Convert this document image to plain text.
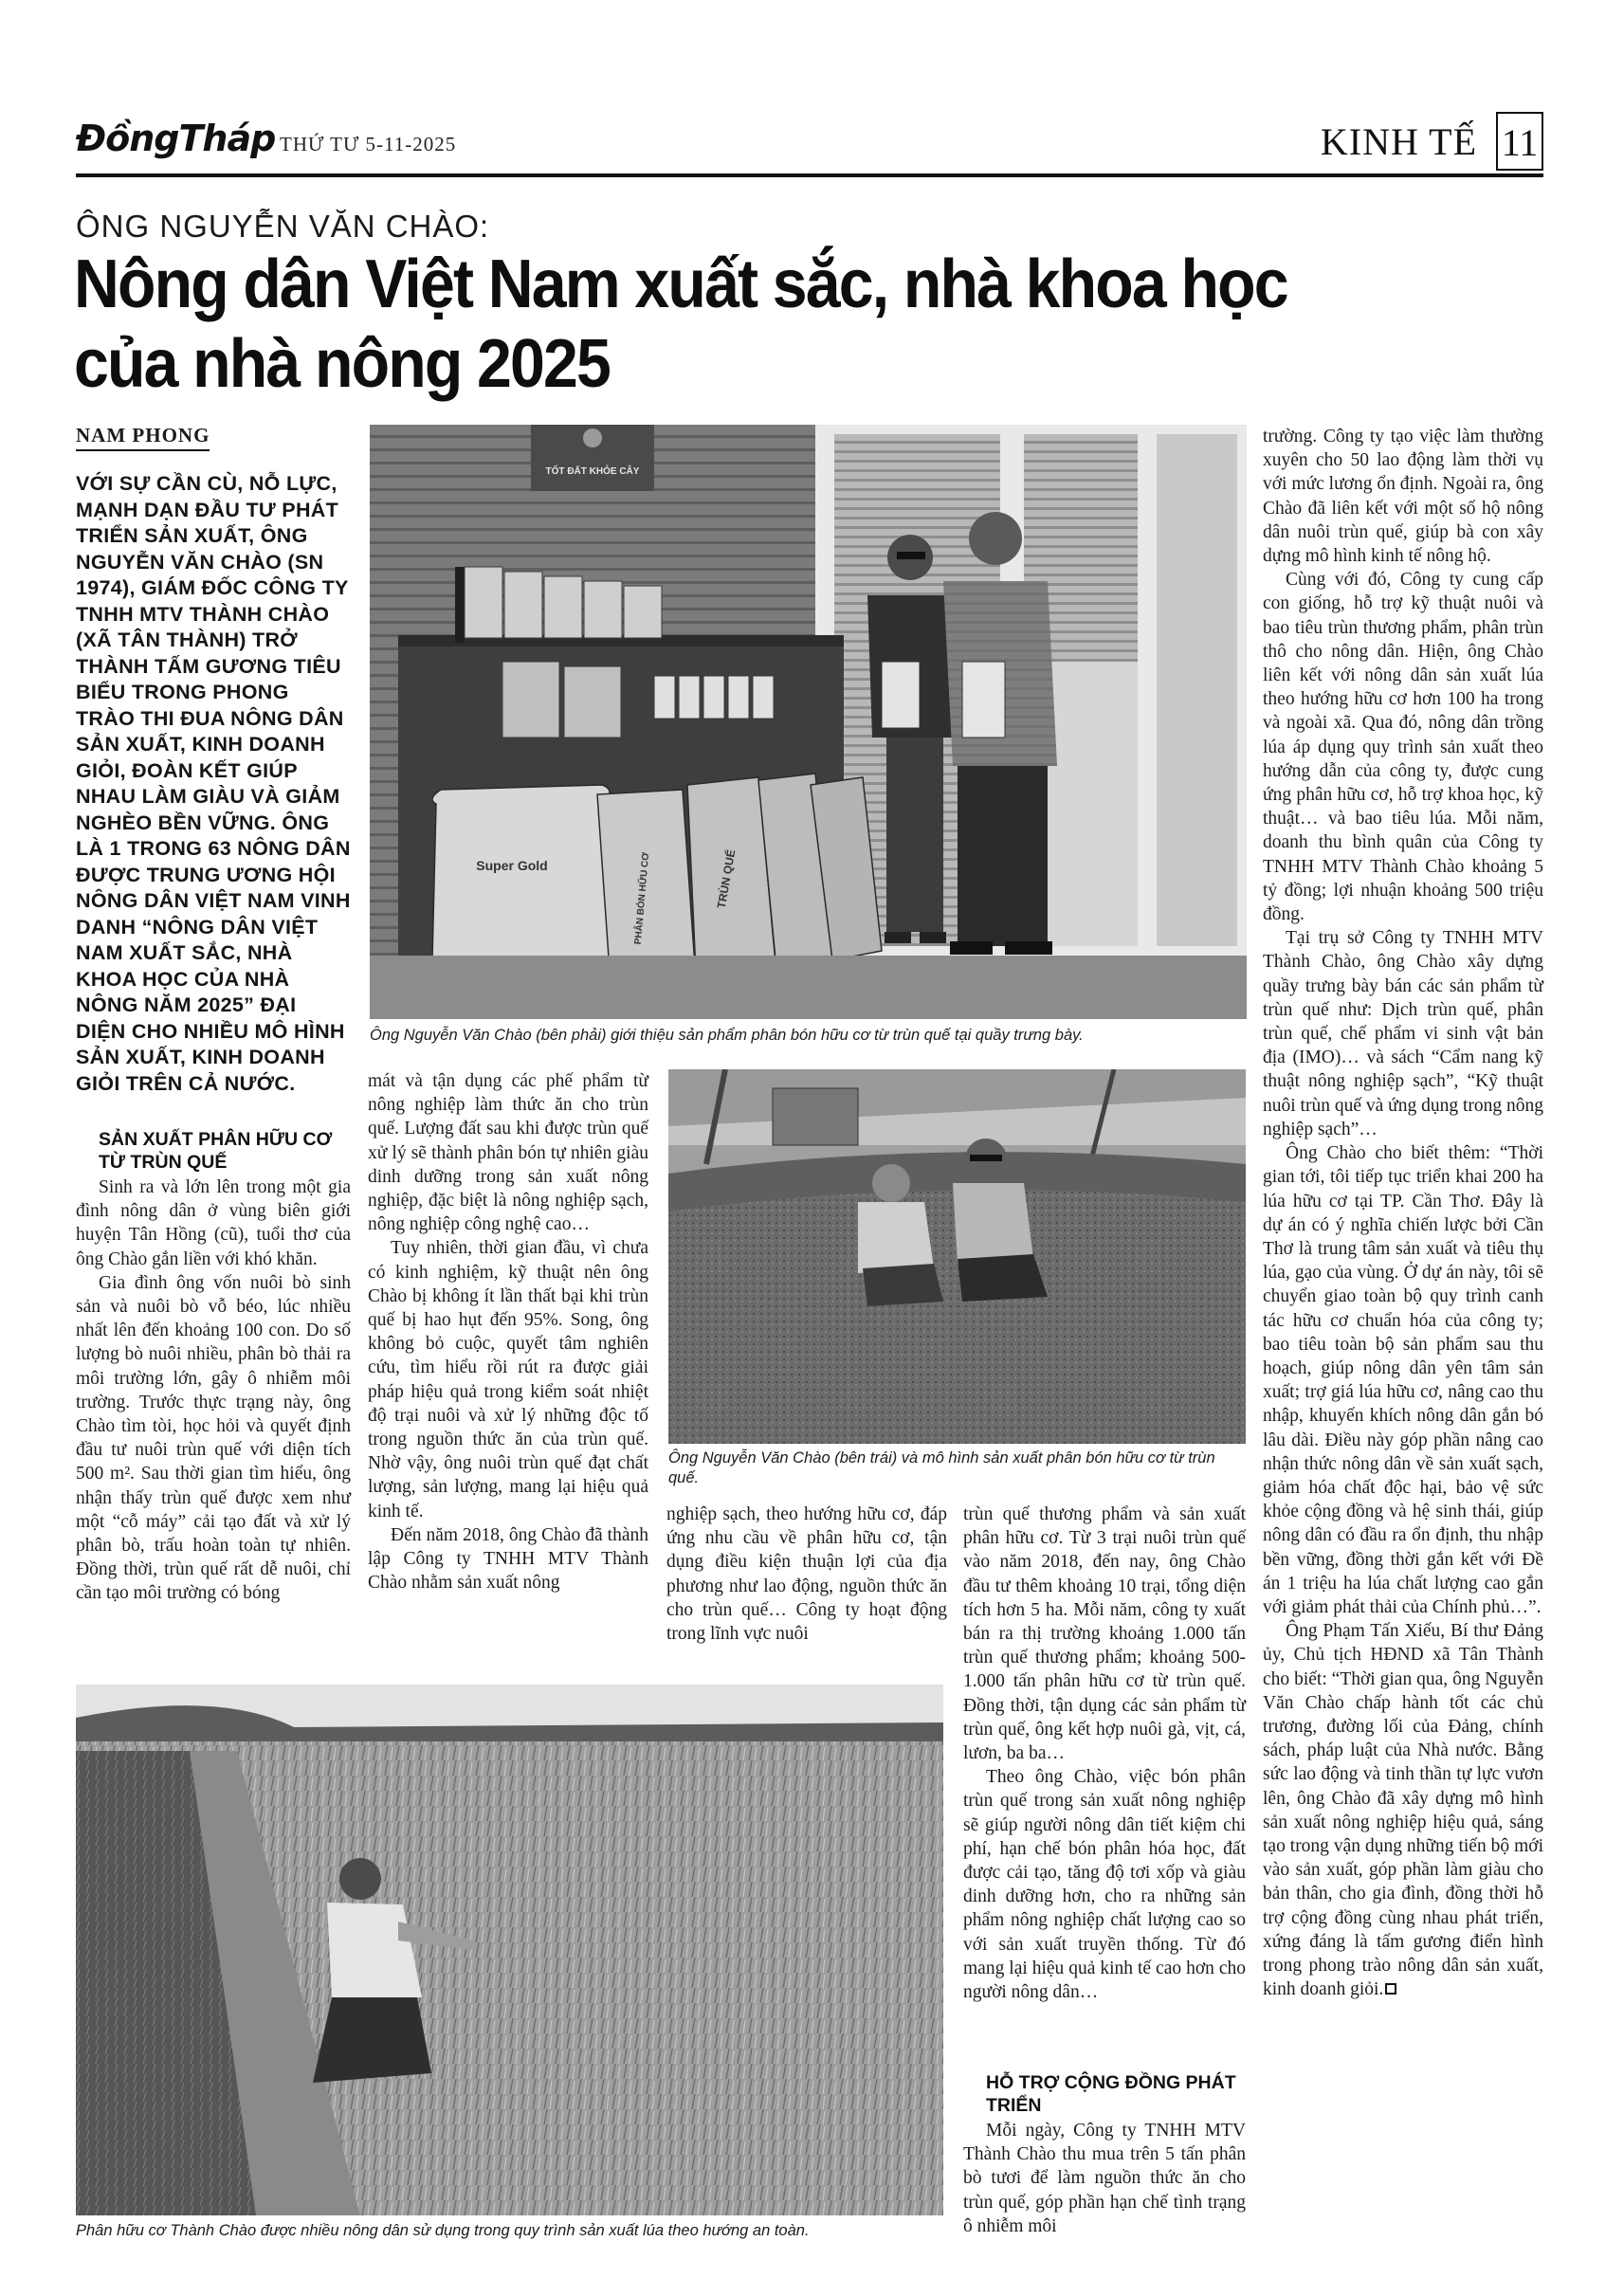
ĐồngTháp THỨ TƯ 5-11-2025	KINH TẾ 11
ÔNG NGUYỄN VĂN CHÀO:
Nông dân Việt Nam xuất sắc, nhà khoa học của nhà nông 2025
NAM PHONG
VỚI SỰ CẦN CÙ, NỖ LỰC, MẠNH DẠN ĐẦU TƯ PHÁT TRIỂN SẢN XUẤT, ÔNG NGUYỄN VĂN CHÀO (SN 1974), GIÁM ĐỐC CÔNG TY TNHH MTV THÀNH CHÀO (XÃ TÂN THÀNH) TRỞ THÀNH TẤM GƯƠNG TIÊU BIỂU TRONG PHONG TRÀO THI ĐUA NÔNG DÂN SẢN XUẤT, KINH DOANH GIỎI, ĐOÀN KẾT GIÚP NHAU LÀM GIÀU VÀ GIẢM NGHÈO BỀN VỮNG. ÔNG LÀ 1 TRONG 63 NÔNG DÂN ĐƯỢC TRUNG ƯƠNG HỘI NÔNG DÂN VIỆT NAM VINH DANH “NÔNG DÂN VIỆT NAM XUẤT SẮC, NHÀ KHOA HỌC CỦA NHÀ NÔNG NĂM 2025” ĐẠI DIỆN CHO NHIỀU MÔ HÌNH SẢN XUẤT, KINH DOANH GIỎI TRÊN CẢ NƯỚC.
TỐT ĐẤT KHỎE CÂY
Super Gold	PHÂN BÓN HỮU CƠ	TRÙN QUẾ
Ông Nguyễn Văn Chào (bên phải) giới thiệu sản phẩm phân bón hữu cơ từ trùn quế tại quầy trưng bày.
Ông Nguyễn Văn Chào (bên trái) và mô hình sản xuất phân bón hữu cơ từ trùn quế.
Phân hữu cơ Thành Chào được nhiều nông dân sử dụng trong quy trình sản xuất lúa theo hướng an toàn.
SẢN XUẤT PHÂN HỮU CƠ TỪ TRÙN QUẾ

Sinh ra và lớn lên trong một gia đình nông dân ở vùng biên giới huyện Tân Hồng (cũ), tuổi thơ của ông Chào gắn liền với khó khăn.

Gia đình ông vốn nuôi bò sinh sản và nuôi bò vỗ béo, lúc nhiều nhất lên đến khoảng 100 con. Do số lượng bò nuôi nhiều, phân bò thải ra môi trường lớn, gây ô nhiễm môi trường. Trước thực trạng này, ông Chào tìm tòi, học hỏi và quyết định đầu tư nuôi trùn quế với diện tích 500 m². Sau thời gian tìm hiểu, ông nhận thấy trùn quế được xem như một “cỗ máy” cải tạo đất và xử lý phân bò, trấu hoàn toàn tự nhiên. Đồng thời, trùn quế rất dễ nuôi, chỉ cần tạo môi trường có bóng

mát và tận dụng các phế phẩm từ nông nghiệp làm thức ăn cho trùn quế. Lượng đất sau khi được trùn quế xử lý sẽ thành phân bón tự nhiên giàu dinh dưỡng trong sản xuất nông nghiệp, đặc biệt là nông nghiệp sạch, nông nghiệp công nghệ cao…

Tuy nhiên, thời gian đầu, vì chưa có kinh nghiệm, kỹ thuật nên ông Chào bị không ít lần thất bại khi trùn quế bị hao hụt đến 95%. Song, ông không bỏ cuộc, quyết tâm nghiên cứu, tìm hiểu rồi rút ra được giải pháp hiệu quả trong kiểm soát nhiệt độ trại nuôi và xử lý những độc tố trong nguồn thức ăn của trùn quế. Nhờ vậy, ông nuôi trùn quế đạt chất lượng, sản lượng, mang lại hiệu quả kinh tế.

Đến năm 2018, ông Chào đã thành lập Công ty TNHH MTV Thành Chào nhằm sản xuất nông

nghiệp sạch, theo hướng hữu cơ, đáp ứng nhu cầu về phân hữu cơ, tận dụng điều kiện thuận lợi của địa phương như lao động, nguồn thức ăn cho trùn quế… Công ty hoạt động trong lĩnh vực nuôi

trùn quế thương phẩm và sản xuất phân hữu cơ. Từ 3 trại nuôi trùn quế vào năm 2018, đến nay, ông Chào đầu tư thêm khoảng 10 trại, tổng diện tích hơn 5 ha. Mỗi năm, công ty xuất bán ra thị trường khoảng 1.000 tấn trùn quế thương phẩm; khoảng 500-1.000 tấn phân hữu cơ từ trùn quế. Đồng thời, tận dụng các sản phẩm từ trùn quế, ông kết hợp nuôi gà, vịt, cá, lươn, ba ba…

Theo ông Chào, việc bón phân trùn quế trong sản xuất nông nghiệp sẽ giúp người nông dân tiết kiệm chi phí, hạn chế bón phân hóa học, đất được cải tạo, tăng độ tơi xốp và giàu dinh dưỡng hơn, cho ra những sản phẩm nông nghiệp chất lượng cao so với sản xuất truyền thống. Từ đó mang lại hiệu quả kinh tế cao hơn cho người nông dân…

HỖ TRỢ CỘNG ĐỒNG PHÁT TRIỂN

Mỗi ngày, Công ty TNHH MTV Thành Chào thu mua trên 5 tấn phân bò tươi để làm nguồn thức ăn cho trùn quế, góp phần hạn chế tình trạng ô nhiễm môi

trường. Công ty tạo việc làm thường xuyên cho 50 lao động làm thời vụ với mức lương ổn định. Ngoài ra, ông Chào đã liên kết với một số hộ nông dân nuôi trùn quế, giúp bà con xây dựng mô hình kinh tế nông hộ.

Cùng với đó, Công ty cung cấp con giống, hỗ trợ kỹ thuật nuôi và bao tiêu trùn thương phẩm, phân trùn thô cho nông dân. Hiện, ông Chào liên kết với nông dân sản xuất lúa theo hướng hữu cơ hơn 100 ha trong và ngoài xã. Qua đó, nông dân trồng lúa áp dụng quy trình sản xuất theo hướng dẫn của công ty, được cung ứng phân hữu cơ, hỗ trợ khoa học, kỹ thuật… và bao tiêu lúa. Mỗi năm, doanh thu bình quân của Công ty TNHH MTV Thành Chào khoảng 5 tỷ đồng; lợi nhuận khoảng 500 triệu đồng.

Tại trụ sở Công ty TNHH MTV Thành Chào, ông Chào xây dựng quầy trưng bày bán các sản phẩm từ trùn quế như: Dịch trùn quế, phân trùn quế, chế phẩm vi sinh vật bản địa (IMO)… và sách “Cẩm nang kỹ thuật nông nghiệp sạch”, “Kỹ thuật nuôi trùn quế và ứng dụng trong nông nghiệp sạch”…

Ông Chào cho biết thêm: “Thời gian tới, tôi tiếp tục triển khai 200 ha lúa hữu cơ tại TP. Cần Thơ. Đây là dự án có ý nghĩa chiến lược bởi Cần Thơ là trung tâm sản xuất và tiêu thụ lúa, gạo của vùng. Ở dự án này, tôi sẽ chuyển giao toàn bộ quy trình canh tác hữu cơ chuẩn hóa của công ty; bao tiêu toàn bộ sản phẩm sau thu hoạch, giúp nông dân yên tâm sản xuất; trợ giá lúa hữu cơ, nâng cao thu nhập, khuyến khích nông dân gắn bó lâu dài. Điều này góp phần nâng cao nhận thức nông dân về sản xuất sạch, giảm hóa chất độc hại, bảo vệ sức khỏe cộng đồng và hệ sinh thái, giúp nông dân có đầu ra ổn định, thu nhập bền vững, đồng thời gắn kết với Đề án 1 triệu ha lúa chất lượng cao gắn với giảm phát thải của Chính phủ…”.

Ông Phạm Tấn Xiếu, Bí thư Đảng ủy, Chủ tịch HĐND xã Tân Thành cho biết: “Thời gian qua, ông Nguyễn Văn Chào chấp hành tốt các chủ trương, đường lối của Đảng, chính sách, pháp luật của Nhà nước. Bằng sức lao động và tinh thần tự lực vươn lên, ông Chào đã xây dựng mô hình sản xuất nông nghiệp hiệu quả, sáng tạo trong vận dụng những tiến bộ mới vào sản xuất, góp phần làm giàu cho bản thân, cho gia đình, đồng thời hỗ trợ cộng đồng cùng nhau phát triển, xứng đáng là tấm gương điển hình trong phong trào nông dân sản xuất, kinh doanh giỏi.
